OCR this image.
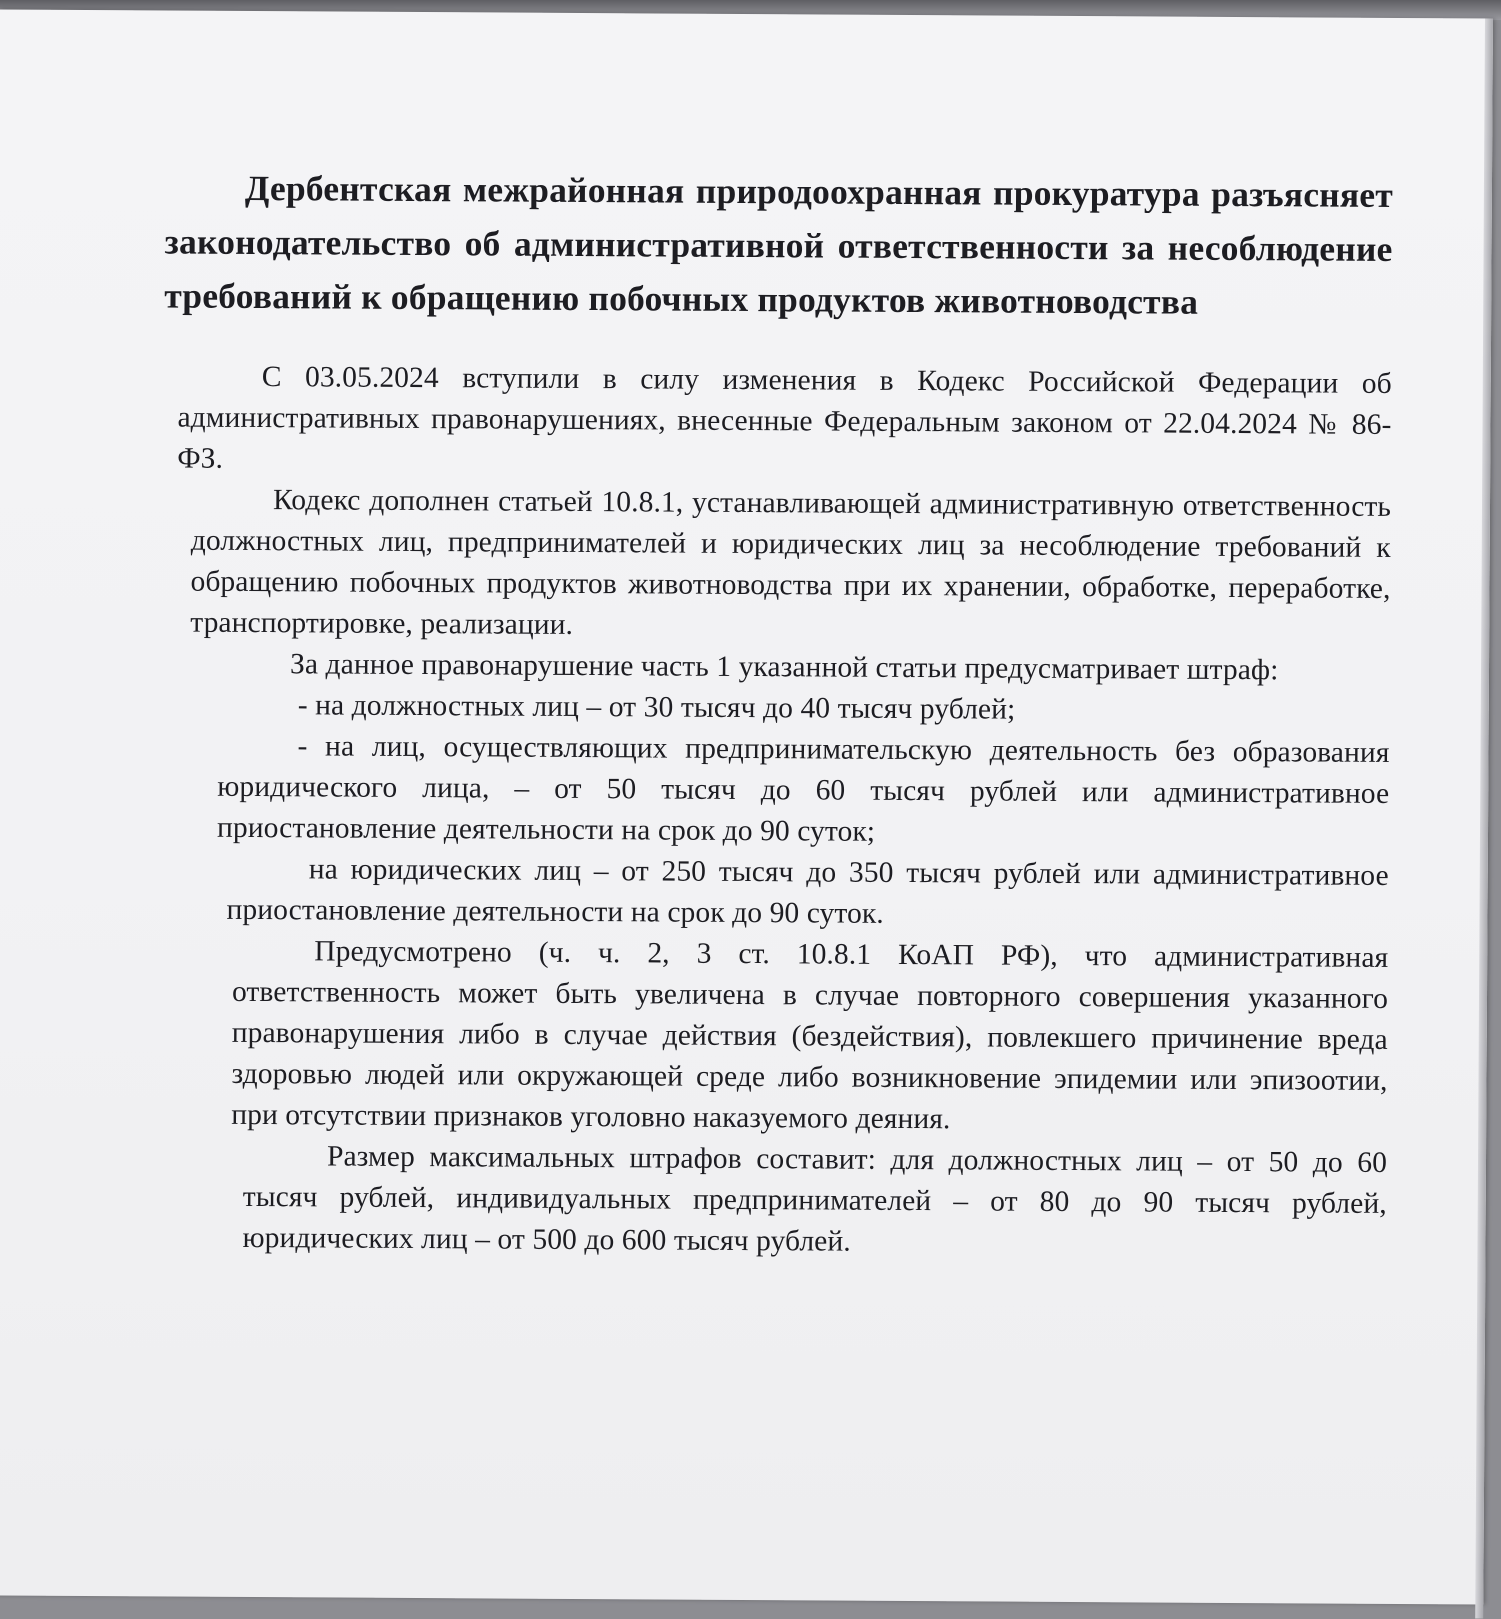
Дербентская межрайонная природоохранная прокуратура разъясняет законодательство об административной ответственности за несоблюдение требований к обращению побочных продуктов животноводства

С 03.05.2024 вступили в силу изменения в Кодекс Российской Федерации об административных правонарушениях, внесенные Федеральным законом от 22.04.2024 № 86-ФЗ.

Кодекс дополнен статьей 10.8.1, устанавливающей административную ответственность должностных лиц, предпринимателей и юридических лиц за несоблюдение требований к обращению побочных продуктов животноводства при их хранении, обработке, переработке, транспортировке, реализации.

За данное правонарушение часть 1 указанной статьи предусматривает штраф:

- на должностных лиц – от 30 тысяч до 40 тысяч рублей;

- на лиц, осуществляющих предпринимательскую деятельность без образования юридического лица, – от 50 тысяч до 60 тысяч рублей или административное приостановление деятельности на срок до 90 суток;

на юридических лиц – от 250 тысяч до 350 тысяч рублей или административное приостановление деятельности на срок до 90 суток.

Предусмотрено (ч. ч. 2, 3 ст. 10.8.1 КоАП РФ), что административная ответственность может быть увеличена в случае повторного совершения указанного правонарушения либо в случае действия (бездействия), повлекшего причинение вреда здоровью людей или окружающей среде либо возникновение эпидемии или эпизоотии, при отсутствии признаков уголовно наказуемого деяния.

Размер максимальных штрафов составит: для должностных лиц – от 50 до 60 тысяч рублей, индивидуальных предпринимателей – от 80 до 90 тысяч рублей, юридических лиц – от 500 до 600 тысяч рублей.
